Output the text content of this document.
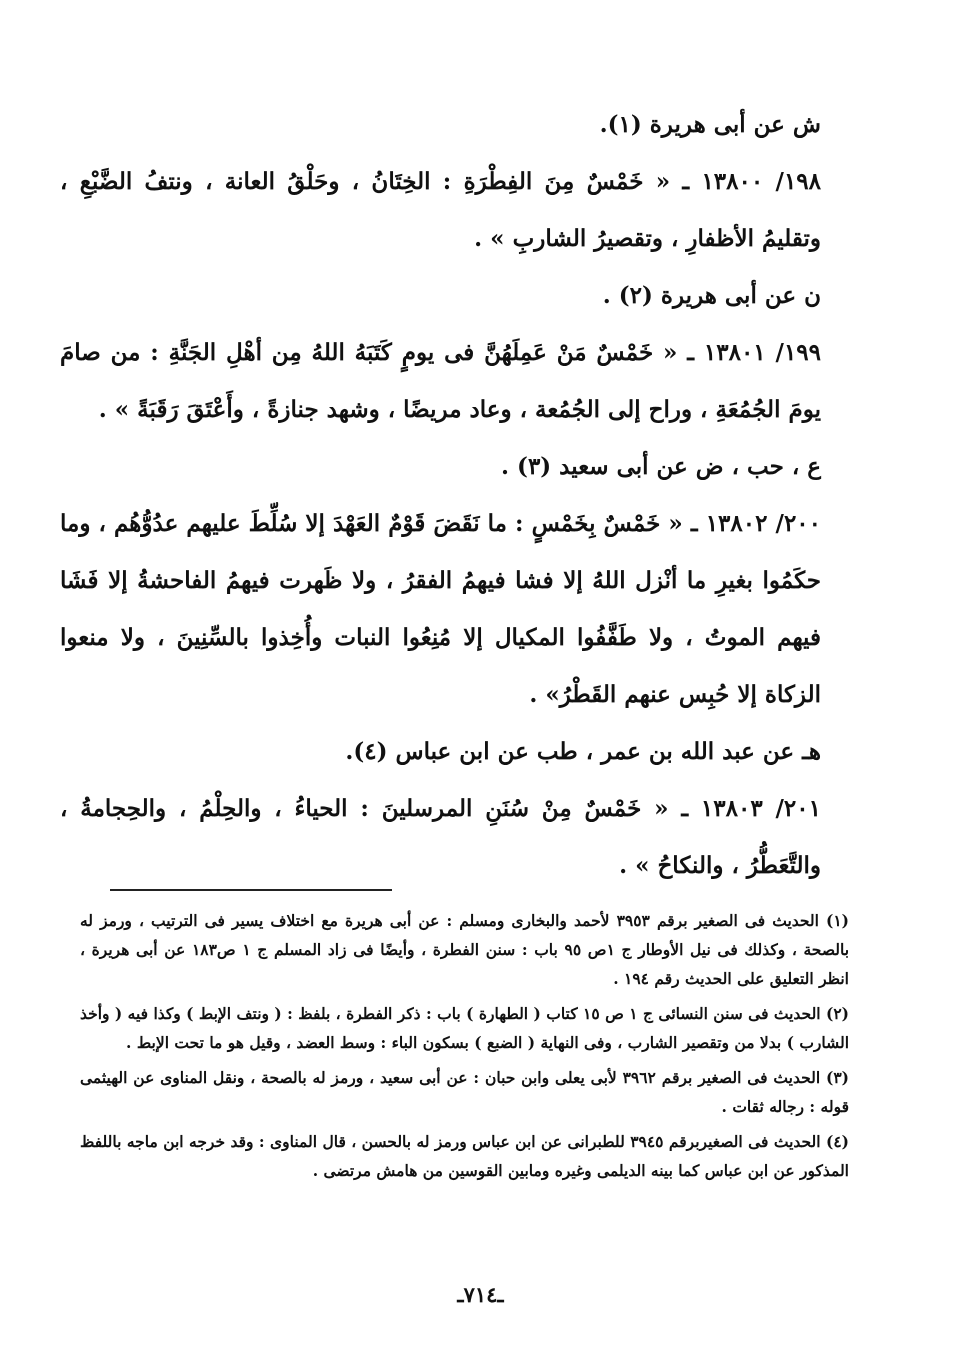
ش عن أبى هريرة (١).

١٩٨/ ١٣٨٠٠ ـ « خَمْسٌ مِنَ الفِطْرَةِ : الخِتَانُ ، وحَلْقُ العانة ، ونتفُ الضَّبْعِ ، وتقليمُ الأظفارِ ، وتقصيرُ الشاربِ » .

ن عن أبى هريرة (٢) .

١٩٩/ ١٣٨٠١ ـ « خَمْسٌ مَنْ عَمِلَهُنَّ فى يومٍ كَتَبَهُ اللهُ مِن أهْلِ الجَنَّةِ : من صامَ يومَ الجُمُعَةِ ، وراح إلى الجُمُعة ، وعاد مريضًا ، وشهد جنازةً ، وأَعْتَقَ رَقَبَةً » .

ع ، حب ، ض عن أبى سعيد (٣) .

٢٠٠/ ١٣٨٠٢ ـ « خَمْسٌ بِخَمْسٍ : ما نَقَضَ قَوْمٌ العَهْدَ إلا سُلِّطَ عليهم عدُوُّهُم ، وما حكَمُوا بغيرِ ما أنْزل اللهُ إلا فشا فيهمُ الفقرُ ، ولا ظَهرت فيهمُ الفاحشةُ إلا فَشَا فيهم الموتُ ، ولا طَفَّفُوا المكيال إلا مُنِعُوا النبات وأُخِذوا بالسِّنِينَ ، ولا منعوا الزكاة إلا حُبِس عنهم القَطْرُ» .

هـ عن عبد الله بن عمر ، طب عن ابن عباس (٤).

٢٠١/ ١٣٨٠٣ ـ « خَمْسٌ مِنْ سُنَنِ المرسلينَ : الحياءُ ، والحِلْمُ ، والحِجامةُ ، والتَّعَطُّرُ ، والنكاحُ » .

(١) الحديث فى الصغير برقم ٣٩٥٣ لأحمد والبخارى ومسلم : عن أبى هريرة مع اختلاف يسير فى الترتيب ، ورمز له بالصحة ، وكذلك فى نيل الأوطار ج ١ص ٩٥ باب : سنن الفطرة ، وأيضًا فى زاد المسلم ج ١ ص١٨٣ عن أبى هريرة ، انظر التعليق على الحديث رقم ١٩٤ .

(٢) الحديث فى سنن النسائى ج ١ ص ١٥ كتاب ( الطهارة ) باب : ذكر الفطرة ، بلفظ : ( ونتف الإبط ) وكذا فيه ( وأخذ الشارب ) بدلا من وتقصير الشارب ، وفى النهاية ( الضبع ) بسكون الباء : وسط العضد ، وقيل هو ما تحت الإبط .

(٣) الحديث فى الصغير برقم ٣٩٦٢ لأبى يعلى وابن حبان : عن أبى سعيد ، ورمز له بالصحة ، ونقل المناوى عن الهيثمى قوله : رجاله ثقات .

(٤) الحديث فى الصغيربرقم ٣٩٤٥ للطبرانى عن ابن عباس ورمز له بالحسن ، قال المناوى : وقد خرجه ابن ماجه باللفظ المذكور عن ابن عباس كما بينه الديلمى وغيره ومابين القوسين من هامش مرتضى .

ـ٧١٤ـ
